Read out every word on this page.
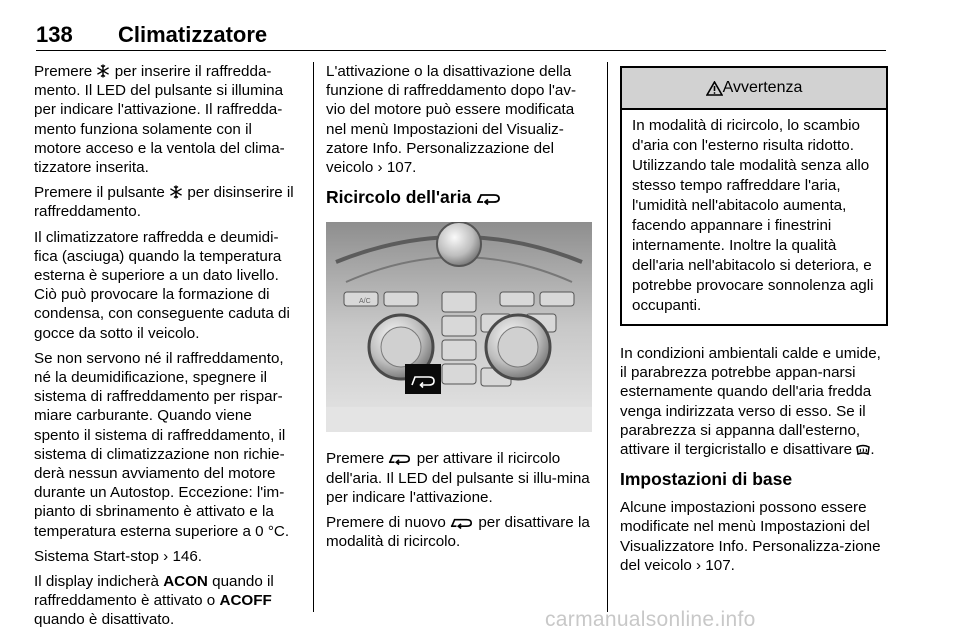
138 Climatizzatore

Premere per inserire il raffredda-mento. Il LED del pulsante si illumina per indicare l'attivazione. Il raffredda-mento funziona solamente con il motore acceso e la ventola del clima-tizzatore inserita.

Premere il pulsante per disinserire il raffreddamento.

Il climatizzatore raffredda e deumidi-fica (asciuga) quando la temperatura esterna è superiore a un dato livello. Ciò può provocare la formazione di condensa, con conseguente caduta di gocce da sotto il veicolo.

Se non servono né il raffreddamento, né la deumidificazione, spegnere il sistema di raffreddamento per rispar-miare carburante. Quando viene spento il sistema di raffreddamento, il sistema di climatizzazione non richie-derà nessun avviamento del motore durante un Autostop. Eccezione: l'im-pianto di sbrinamento è attivato e la temperatura esterna superiore a 0 °C.

Sistema Start-stop › 146.

Il display indicherà ACON quando il raffreddamento è attivato o ACOFF quando è disattivato.

L'attivazione o la disattivazione della funzione di raffreddamento dopo l'av-vio del motore può essere modificata nel menù Impostazioni del Visualiz-zatore Info. Personalizzazione del veicolo › 107.

Ricircolo dell'aria
A/C

Premere per attivare il ricircolo dell'aria. Il LED del pulsante si illu-mina per indicare l'attivazione.

Premere di nuovo per disattivare la modalità di ricircolo.

Avvertenza
In modalità di ricircolo, lo scambio d'aria con l'esterno risulta ridotto. Utilizzando tale modalità senza allo stesso tempo raffreddare l'aria, l'umidità nell'abitacolo aumenta, facendo appannare i finestrini internamente. Inoltre la qualità dell'aria nell'abitacolo si deteriora, e potrebbe provocare sonnolenza agli occupanti.

In condizioni ambientali calde e umide, il parabrezza potrebbe appan-narsi esternamente quando dell'aria fredda venga indirizzata verso di esso. Se il parabrezza si appanna dall'esterno, attivare il tergicristallo e disattivare .

Impostazioni di base

Alcune impostazioni possono essere modificate nel menù Impostazioni del Visualizzatore Info. Personalizza-zione del veicolo › 107.

carmanualsonline.info
